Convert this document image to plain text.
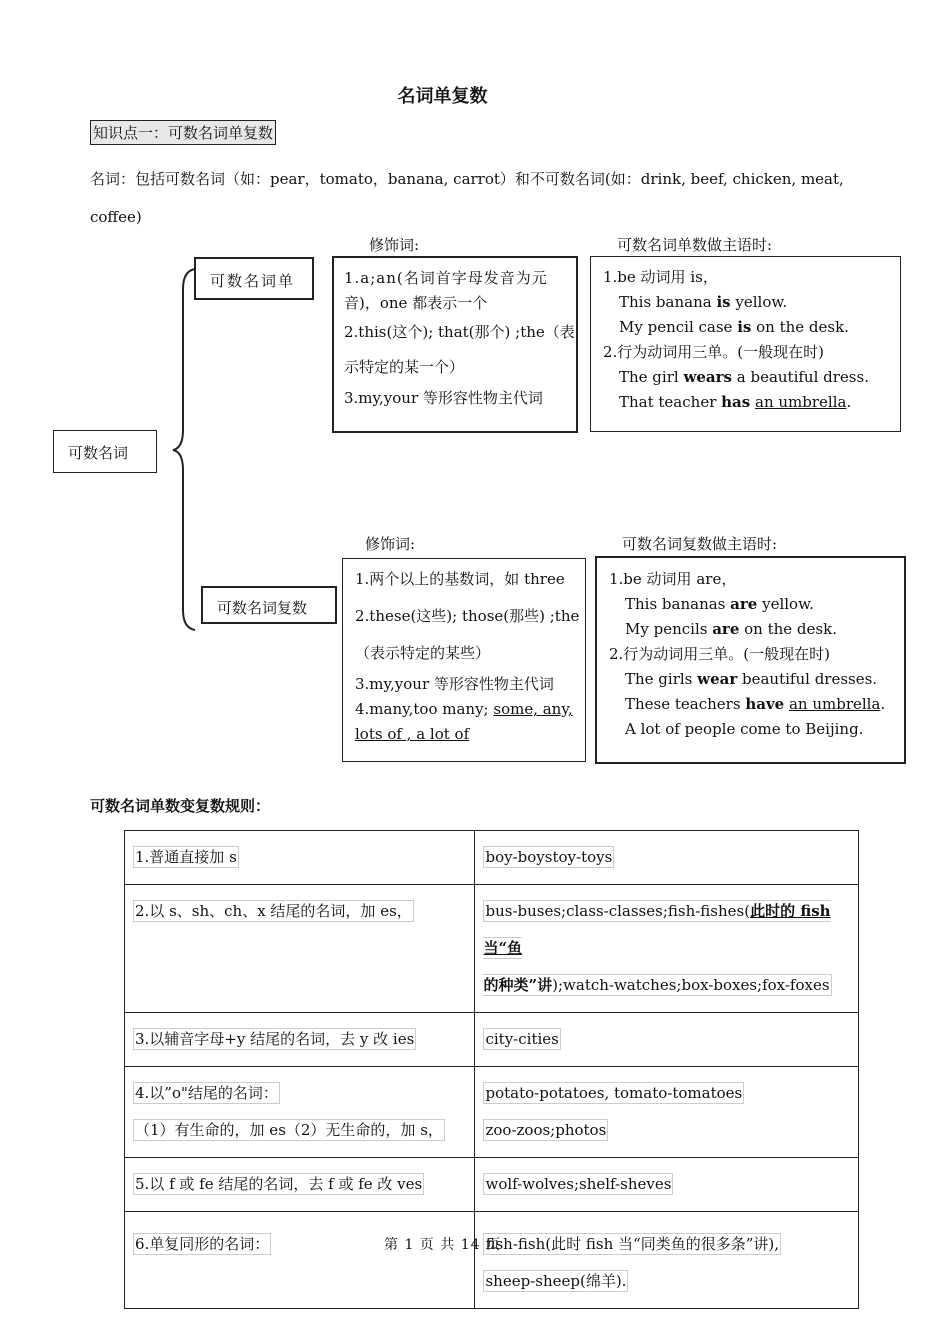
名词单复数
知识点一：可数名词单复数
名词：包括可数名词（如：pear，tomato，banana, carrot）和不可数名词(如：drink, beef, chicken, meat,
coffee)
可数名词
可数名词单
修饰词:
1.a;an(名词首字母发音为元
音)，one 都表示一个
2.this(这个); that(那个) ;the（表
示特定的某一个）
3.my,your 等形容性物主代词
可数名词单数做主语时:
1.be 动词用 is，
This banana is yellow.
My pencil case is on the desk.
2.行为动词用三单。(一般现在时)
The girl wears a beautiful dress.
That teacher has an umbrella.
可数名词复数
修饰词:
1.两个以上的基数词，如 three
2.these(这些); those(那些) ;the
（表示特定的某些）
3.my,your 等形容性物主代词
4.many,too many; some, any,
lots of , a lot of
可数名词复数做主语时:
1.be 动词用 are，
This bananas are yellow.
My pencils are on the desk.
2.行为动词用三单。(一般现在时)
The girls wear beautiful dresses.
These teachers have an umbrella.
A lot of people come to Beijing.
可数名词单数变复数规则：
1.普通直接加 s	boy-boystoy-toys
2.以 s、sh、ch、x 结尾的名词，加 es，	bus-buses;class-classes;fish-fishes(此时的 fish 当“鱼
的种类”讲);watch-watches;box-boxes;fox-foxes
3.以辅音字母+y 结尾的名词，去 y 改 ies	city-cities
4.以”o"结尾的名词：
（1）有生命的，加 es（2）无生命的，加 s，	potato-potatoes, tomato-tomatoes
zoo-zoos;photos
5.以 f 或 fe 结尾的名词，去 f 或 fe 改 ves	wolf-wolves;shelf-sheves
6.单复同形的名词：	fish-fish(此时 fish 当“同类鱼的很多条”讲),
sheep-sheep(绵羊).
第 1 页 共 14 页
